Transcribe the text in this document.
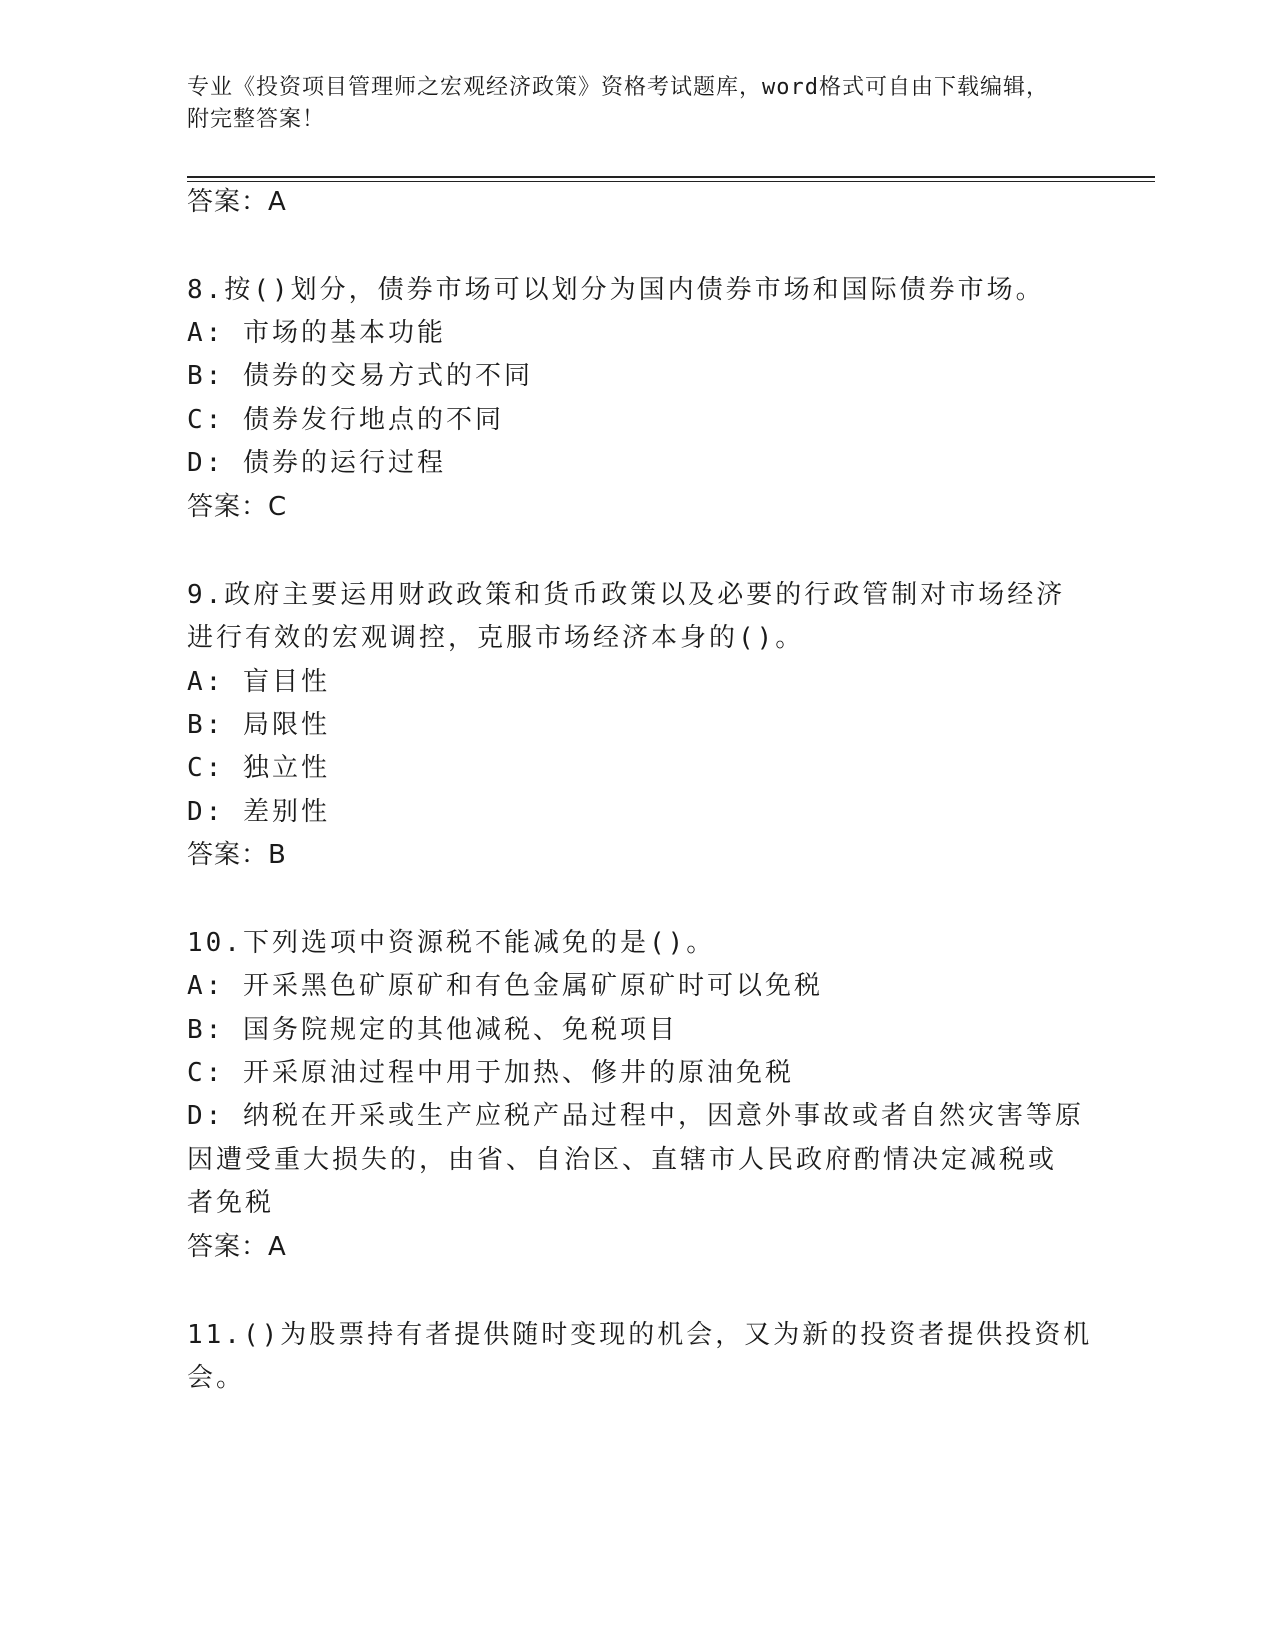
专业《投资项目管理师之宏观经济政策》资格考试题库，word格式可自由下载编辑，附完整答案！
答案：A
8.按()划分，债券市场可以划分为国内债券市场和国际债券市场。
A: 市场的基本功能
B: 债券的交易方式的不同
C: 债券发行地点的不同
D: 债券的运行过程
答案：C
9.政府主要运用财政政策和货币政策以及必要的行政管制对市场经济
进行有效的宏观调控，克服市场经济本身的()。
A: 盲目性
B: 局限性
C: 独立性
D: 差别性
答案：B
10.下列选项中资源税不能减免的是()。
A: 开采黑色矿原矿和有色金属矿原矿时可以免税
B: 国务院规定的其他减税、免税项目
C: 开采原油过程中用于加热、修井的原油免税
D: 纳税在开采或生产应税产品过程中，因意外事故或者自然灾害等原
因遭受重大损失的，由省、自治区、直辖市人民政府酌情决定减税或
者免税
答案：A
11.()为股票持有者提供随时变现的机会，又为新的投资者提供投资机
会。
